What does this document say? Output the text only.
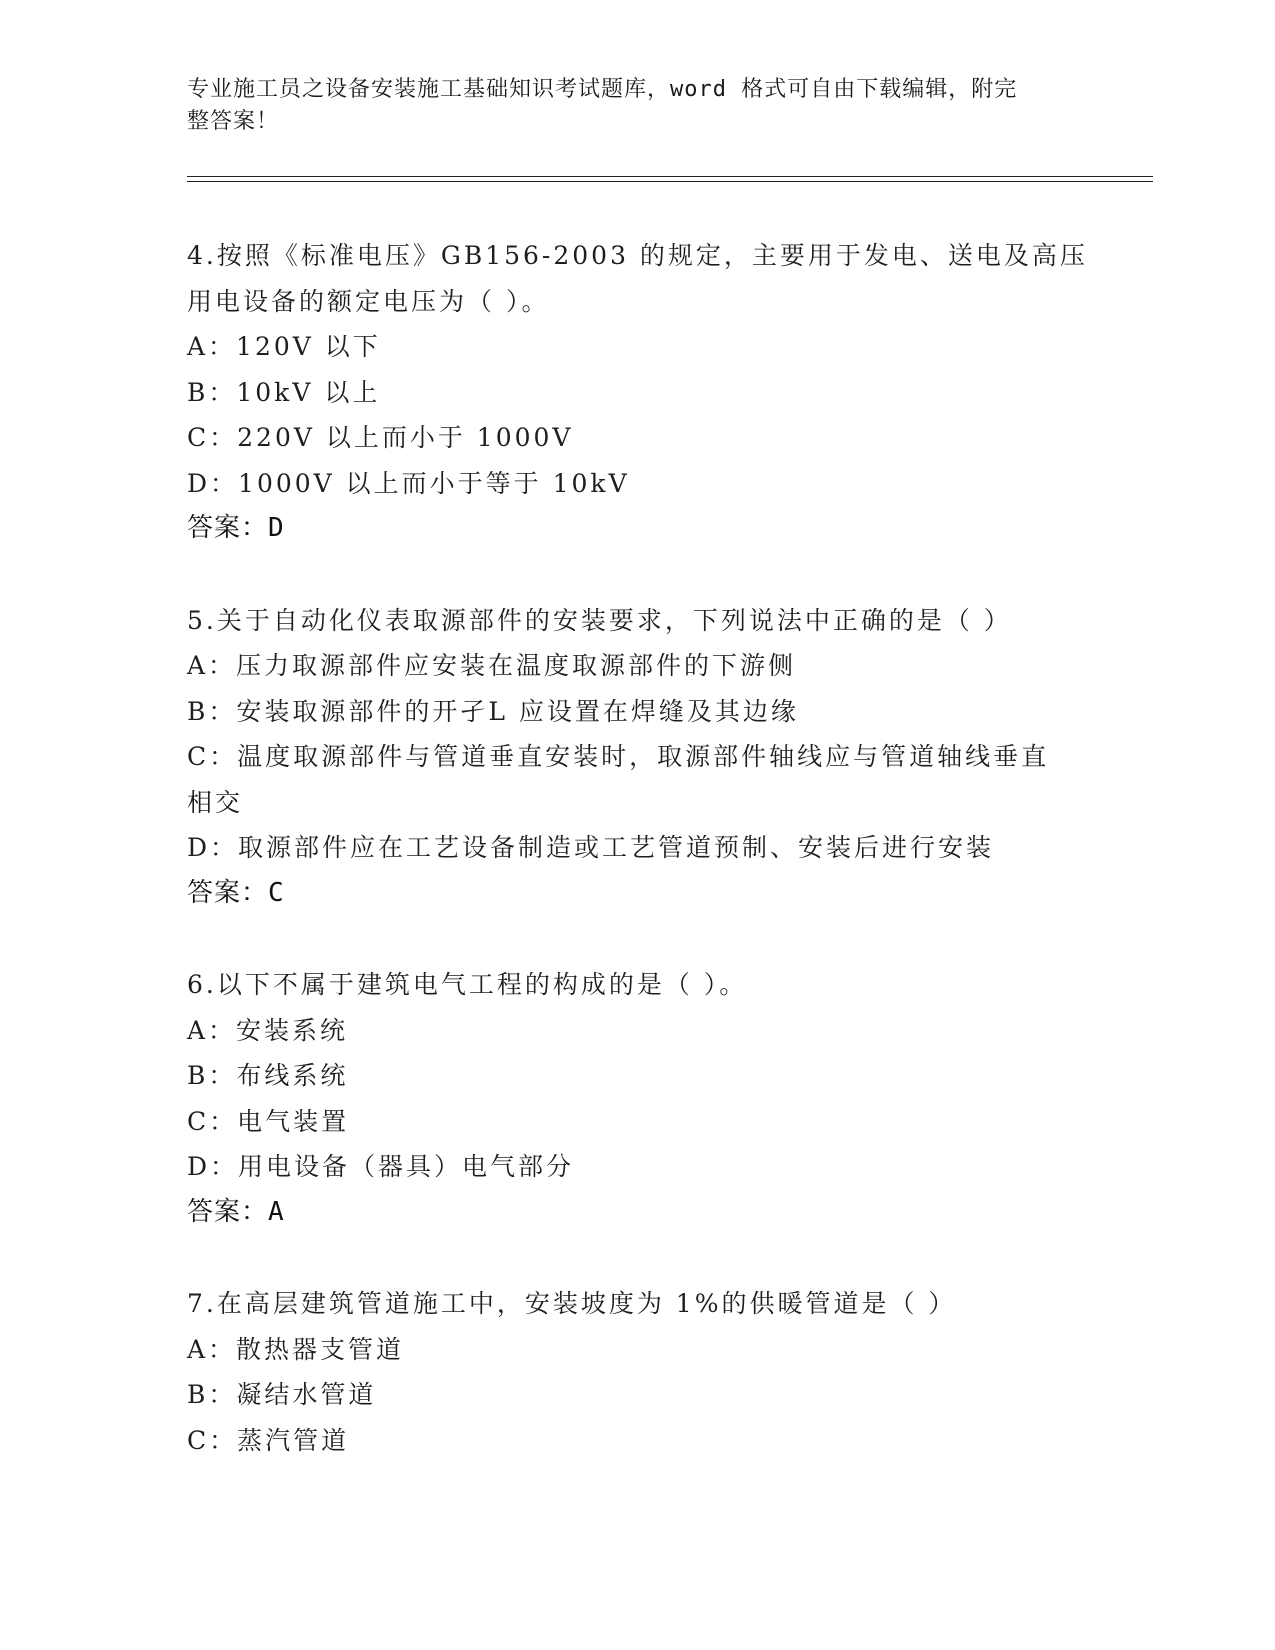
专业施工员之设备安装施工基础知识考试题库，word 格式可自由下载编辑，附完
整答案！
4.按照《标准电压》GB156-2003 的规定，主要用于发电、送电及高压
用电设备的额定电压为（ ）。
A：120V 以下
B：10kV 以上
C：220V 以上而小于 1000V
D：1000V 以上而小于等于 10kV
答案：D
5.关于自动化仪表取源部件的安装要求，下列说法中正确的是（ ）
A：压力取源部件应安装在温度取源部件的下游侧
B：安装取源部件的开孑L 应设置在焊缝及其边缘
C：温度取源部件与管道垂直安装时，取源部件轴线应与管道轴线垂直
相交
D：取源部件应在工艺设备制造或工艺管道预制、安装后进行安装
答案：C
6.以下不属于建筑电气工程的构成的是（ ）。
A：安装系统
B：布线系统
C：电气装置
D：用电设备（器具）电气部分
答案：A
7.在高层建筑管道施工中，安装坡度为 1%的供暖管道是（ ）
A：散热器支管道
B：凝结水管道
C：蒸汽管道
